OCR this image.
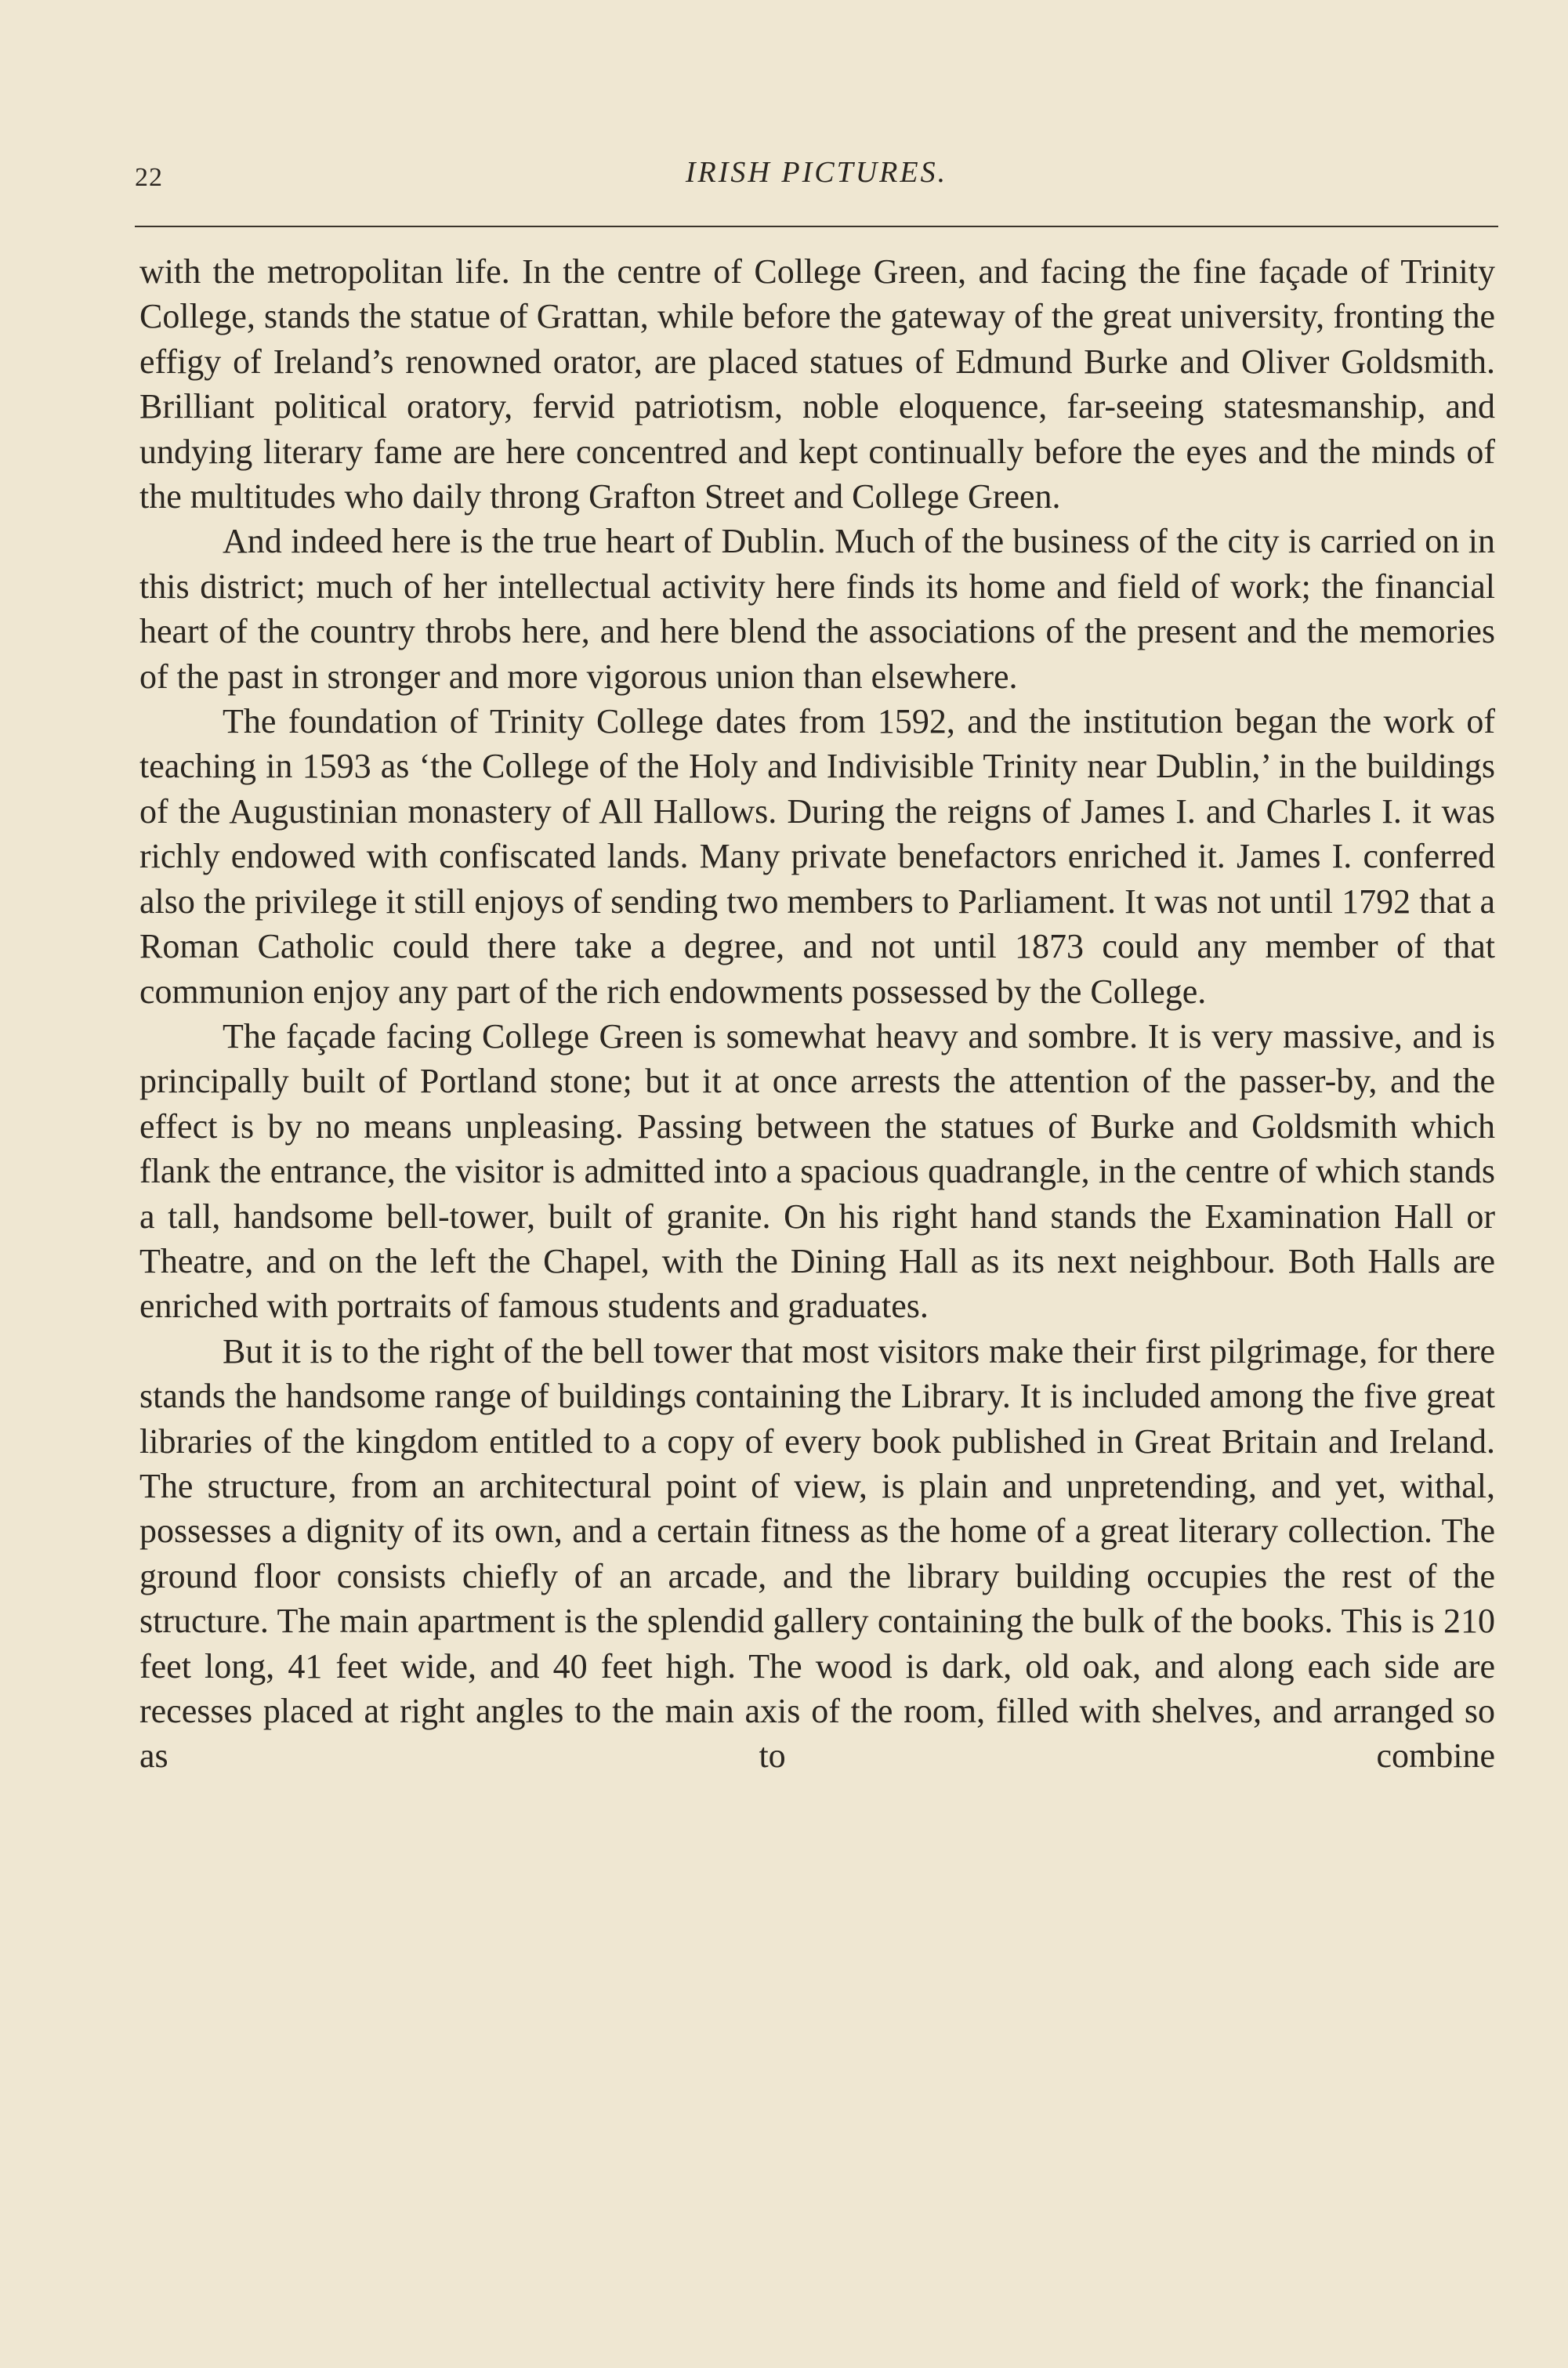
22	IRISH PICTURES.

with the metropolitan life. In the centre of College Green, and facing the fine façade of Trinity College, stands the statue of Grattan, while before the gateway of the great university, fronting the effigy of Ireland’s renowned orator, are placed statues of Edmund Burke and Oliver Goldsmith. Brilliant political oratory, fervid patriotism, noble eloquence, far-seeing statesmanship, and undying literary fame are here concentred and kept continually before the eyes and the minds of the multitudes who daily throng Grafton Street and College Green.

And indeed here is the true heart of Dublin. Much of the business of the city is carried on in this district; much of her intellectual activity here finds its home and field of work; the financial heart of the country throbs here, and here blend the associations of the present and the memories of the past in stronger and more vigorous union than elsewhere.

The foundation of Trinity College dates from 1592, and the institution began the work of teaching in 1593 as ‘the College of the Holy and Indivisible Trinity near Dublin,’ in the buildings of the Augustinian monastery of All Hallows. During the reigns of James I. and Charles I. it was richly endowed with confiscated lands. Many private benefactors enriched it. James I. conferred also the privilege it still enjoys of sending two members to Parliament. It was not until 1792 that a Roman Catholic could there take a degree, and not until 1873 could any member of that communion enjoy any part of the rich endowments possessed by the College.

The façade facing College Green is somewhat heavy and sombre. It is very massive, and is principally built of Portland stone; but it at once arrests the attention of the passer-by, and the effect is by no means unpleasing. Passing between the statues of Burke and Goldsmith which flank the entrance, the visitor is admitted into a spacious quadrangle, in the centre of which stands a tall, handsome bell-tower, built of granite. On his right hand stands the Examination Hall or Theatre, and on the left the Chapel, with the Dining Hall as its next neighbour. Both Halls are enriched with portraits of famous students and graduates.

But it is to the right of the bell tower that most visitors make their first pilgrimage, for there stands the handsome range of buildings containing the Library. It is included among the five great libraries of the kingdom entitled to a copy of every book published in Great Britain and Ireland. The structure, from an architectural point of view, is plain and unpretending, and yet, withal, possesses a dignity of its own, and a certain fitness as the home of a great literary collection. The ground floor consists chiefly of an arcade, and the library building occupies the rest of the structure. The main apartment is the splendid gallery containing the bulk of the books. This is 210 feet long, 41 feet wide, and 40 feet high. The wood is dark, old oak, and along each side are recesses placed at right angles to the main axis of the room, filled with shelves, and arranged so as to combine
